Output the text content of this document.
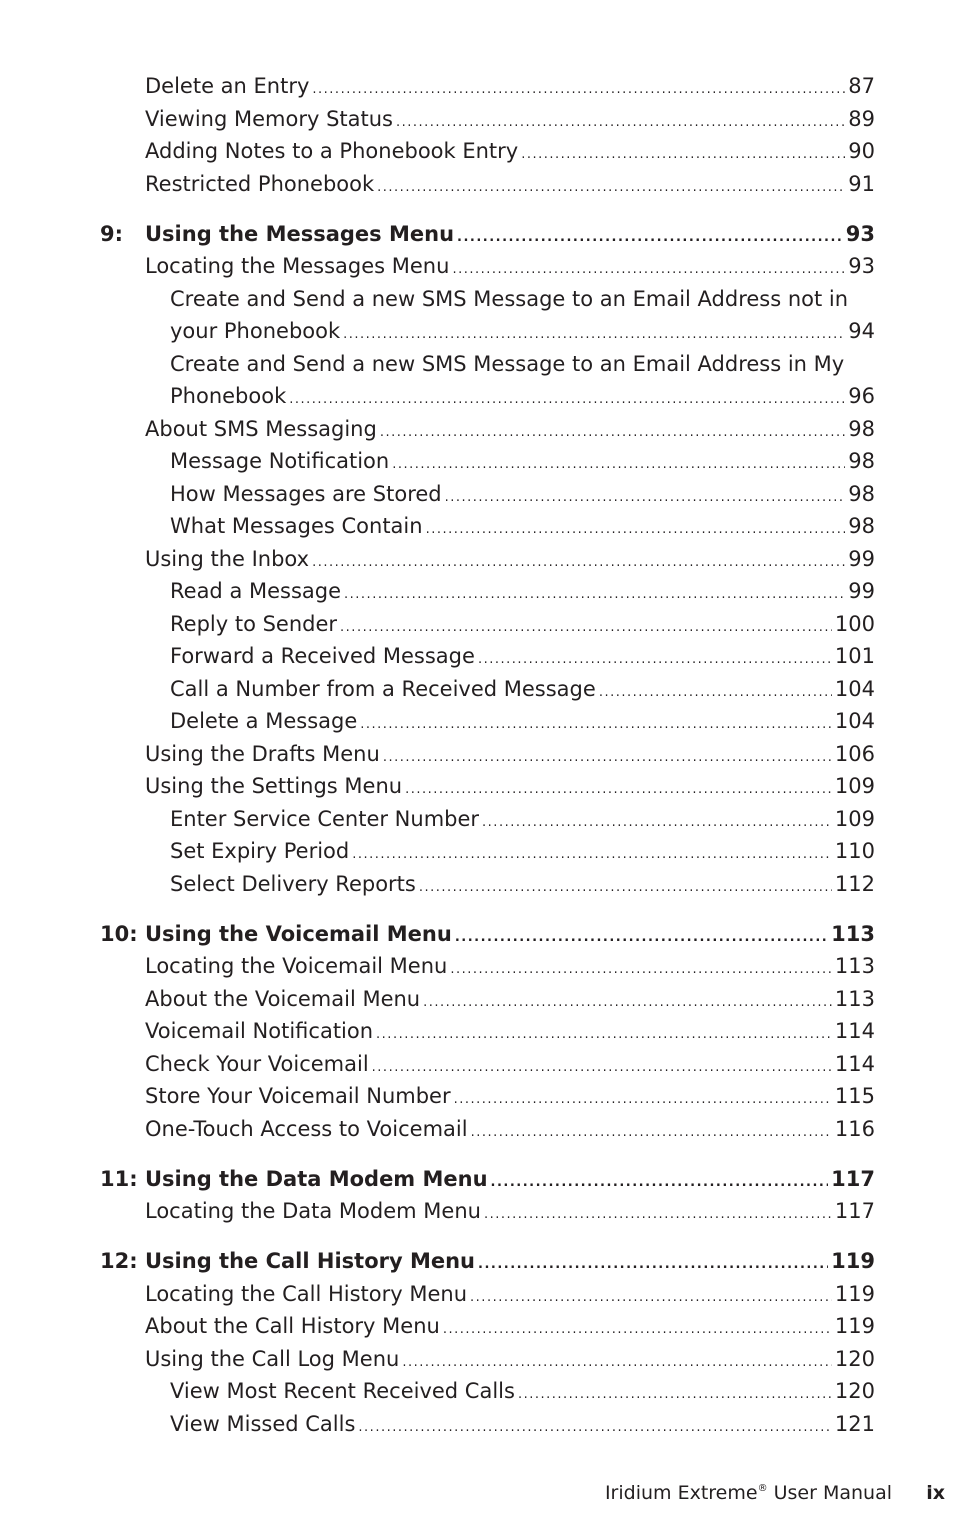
Delete an Entry .....	87
Viewing Memory Status .....	89
Adding Notes to a Phonebook Entry .....	90
Restricted Phonebook .....	91
9: Using the Messages Menu .....	93
Locating the Messages Menu .....	93
Create and Send a new SMS Message to an Email Address not in
your Phonebook .....	94
Create and Send a new SMS Message to an Email Address in My
Phonebook .....	96
About SMS Messaging .....	98
Message Notification .....	98
How Messages are Stored .....	98
What Messages Contain .....	98
Using the Inbox .....	99
Read a Message .....	99
Reply to Sender .....	100
Forward a Received Message .....	101
Call a Number from a Received Message .....	104
Delete a Message .....	104
Using the Drafts Menu .....	106
Using the Settings Menu .....	109
Enter Service Center Number .....	109
Set Expiry Period .....	110
Select Delivery Reports .....	112
10: Using the Voicemail Menu .....	113
Locating the Voicemail Menu .....	113
About the Voicemail Menu .....	113
Voicemail Notification .....	114
Check Your Voicemail .....	114
Store Your Voicemail Number .....	115
One-Touch Access to Voicemail .....	116
11: Using the Data Modem Menu .....	117
Locating the Data Modem Menu .....	117
12: Using the Call History Menu .....	119
Locating the Call History Menu .....	119
About the Call History Menu .....	119
Using the Call Log Menu .....	120
View Most Recent Received Calls .....	120
View Missed Calls .....	121
Iridium Extreme® User Manual ix
